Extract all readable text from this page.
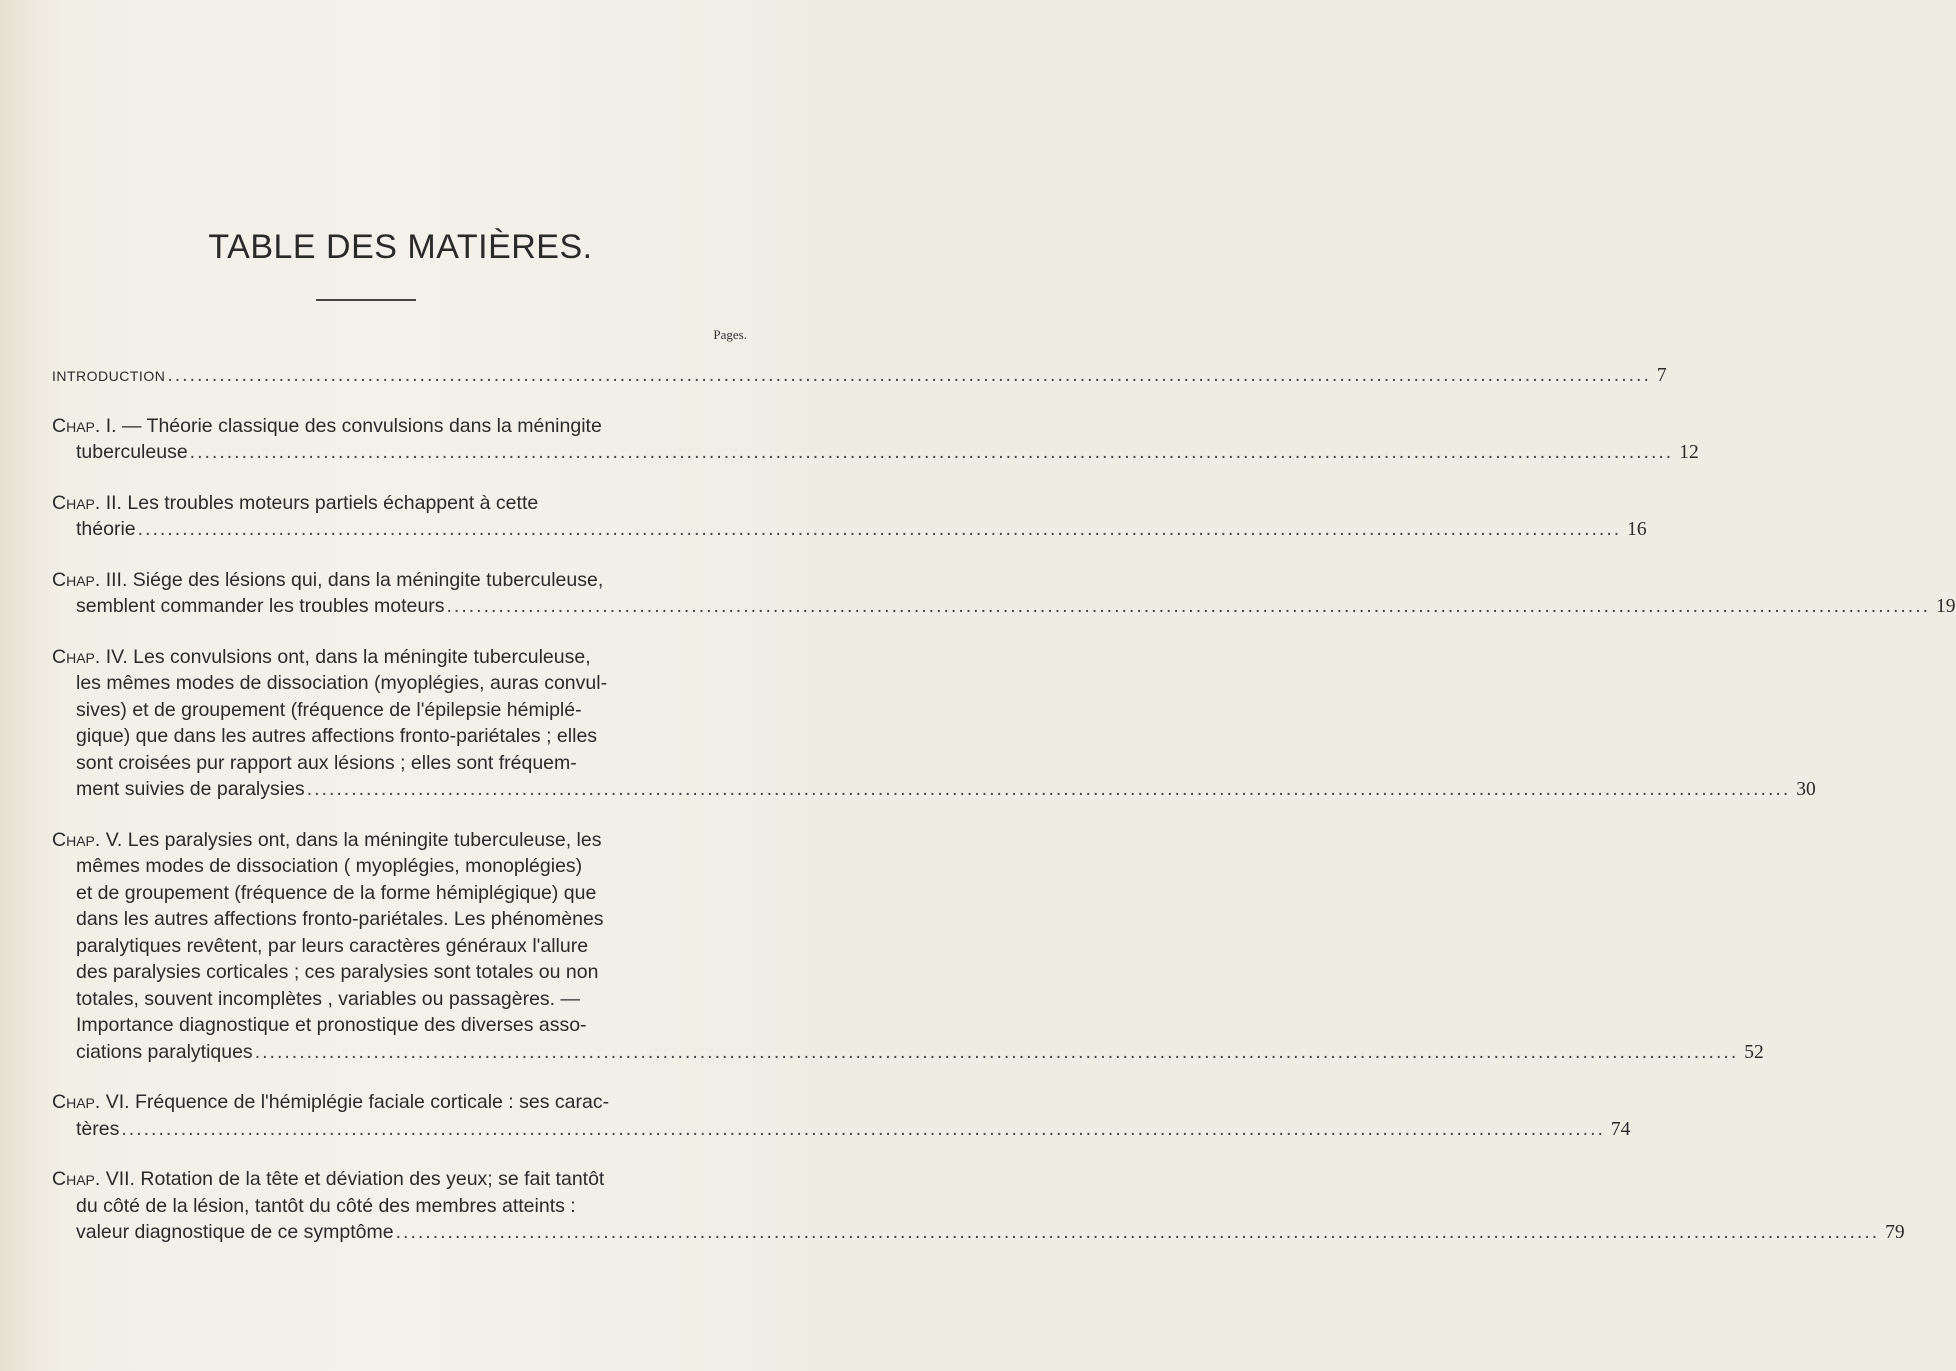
TABLE DES MATIÈRES.
Pages.
INTRODUCTION ........................................................................................................................................................................................................ 7
Chap. I. — Théorie classique des convulsions dans la méningite
tuberculeuse ........................................................................................................................................................................................................ 12
Chap. II. Les troubles moteurs partiels échappent à cette
théorie ........................................................................................................................................................................................................ 16
Chap. III. Siége des lésions qui, dans la méningite tuberculeuse,
semblent commander les troubles moteurs ........................................................................................................................................................................................................ 19
Chap. IV. Les convulsions ont, dans la méningite tuberculeuse,
les mêmes modes de dissociation (myoplégies, auras convul-
sives) et de groupement (fréquence de l'épilepsie hémiplé-
gique) que dans les autres affections fronto-pariétales ; elles
sont croisées pur rapport aux lésions ; elles sont fréquem-
ment suivies de paralysies ........................................................................................................................................................................................................ 30
Chap. V. Les paralysies ont, dans la méningite tuberculeuse, les
mêmes modes de dissociation ( myoplégies, monoplégies)
et de groupement (fréquence de la forme hémiplégique) que
dans les autres affections fronto-pariétales. Les phénomènes
paralytiques revêtent, par leurs caractères généraux l'allure
des paralysies corticales ; ces paralysies sont totales ou non
totales, souvent incomplètes , variables ou passagères. —
Importance diagnostique et pronostique des diverses asso-
ciations paralytiques ........................................................................................................................................................................................................ 52
Chap. VI. Fréquence de l'hémiplégie faciale corticale : ses carac-
tères ........................................................................................................................................................................................................ 74
Chap. VII. Rotation de la tête et déviation des yeux; se fait tantôt
du côté de la lésion, tantôt du côté des membres atteints :
valeur diagnostique de ce symptôme ........................................................................................................................................................................................................ 79
